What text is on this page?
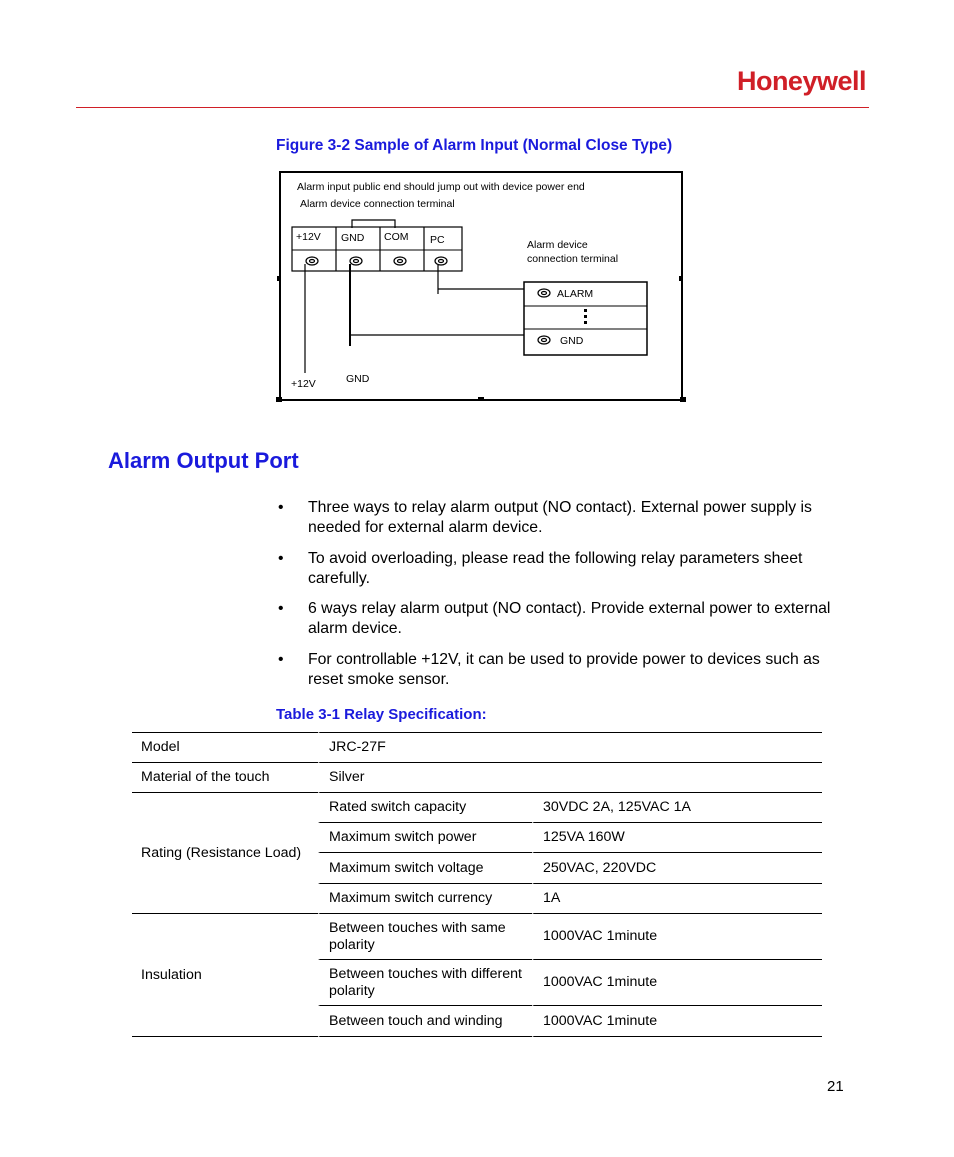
Honeywell
Figure 3-2 Sample of Alarm Input (Normal Close Type)
Alarm input public end should jump out with device power end
Alarm device connection terminal
+12V GND COM PC	Alarm device
connection terminal
ALARM
GND
+12V	GND
Alarm Output Port
• Three ways to relay alarm output (NO contact). External power supply is needed for external alarm device.
• To avoid overloading, please read the following relay parameters sheet carefully.
• 6 ways relay alarm output (NO contact). Provide external power to external alarm device.
• For controllable +12V, it can be used to provide power to devices such as reset smoke sensor.
Table 3-1 Relay Specification:
Model	JRC-27F	
Material of the touch	Silver	
Rating (Resistance Load)	Rated switch capacity	30VDC 2A, 125VAC 1A
	Maximum switch power	125VA 160W
	Maximum switch voltage	250VAC, 220VDC
	Maximum switch currency	1A
Insulation	Between touches with same polarity	1000VAC 1minute
	Between touches with different polarity	1000VAC 1minute
	Between touch and winding	1000VAC 1minute
21
